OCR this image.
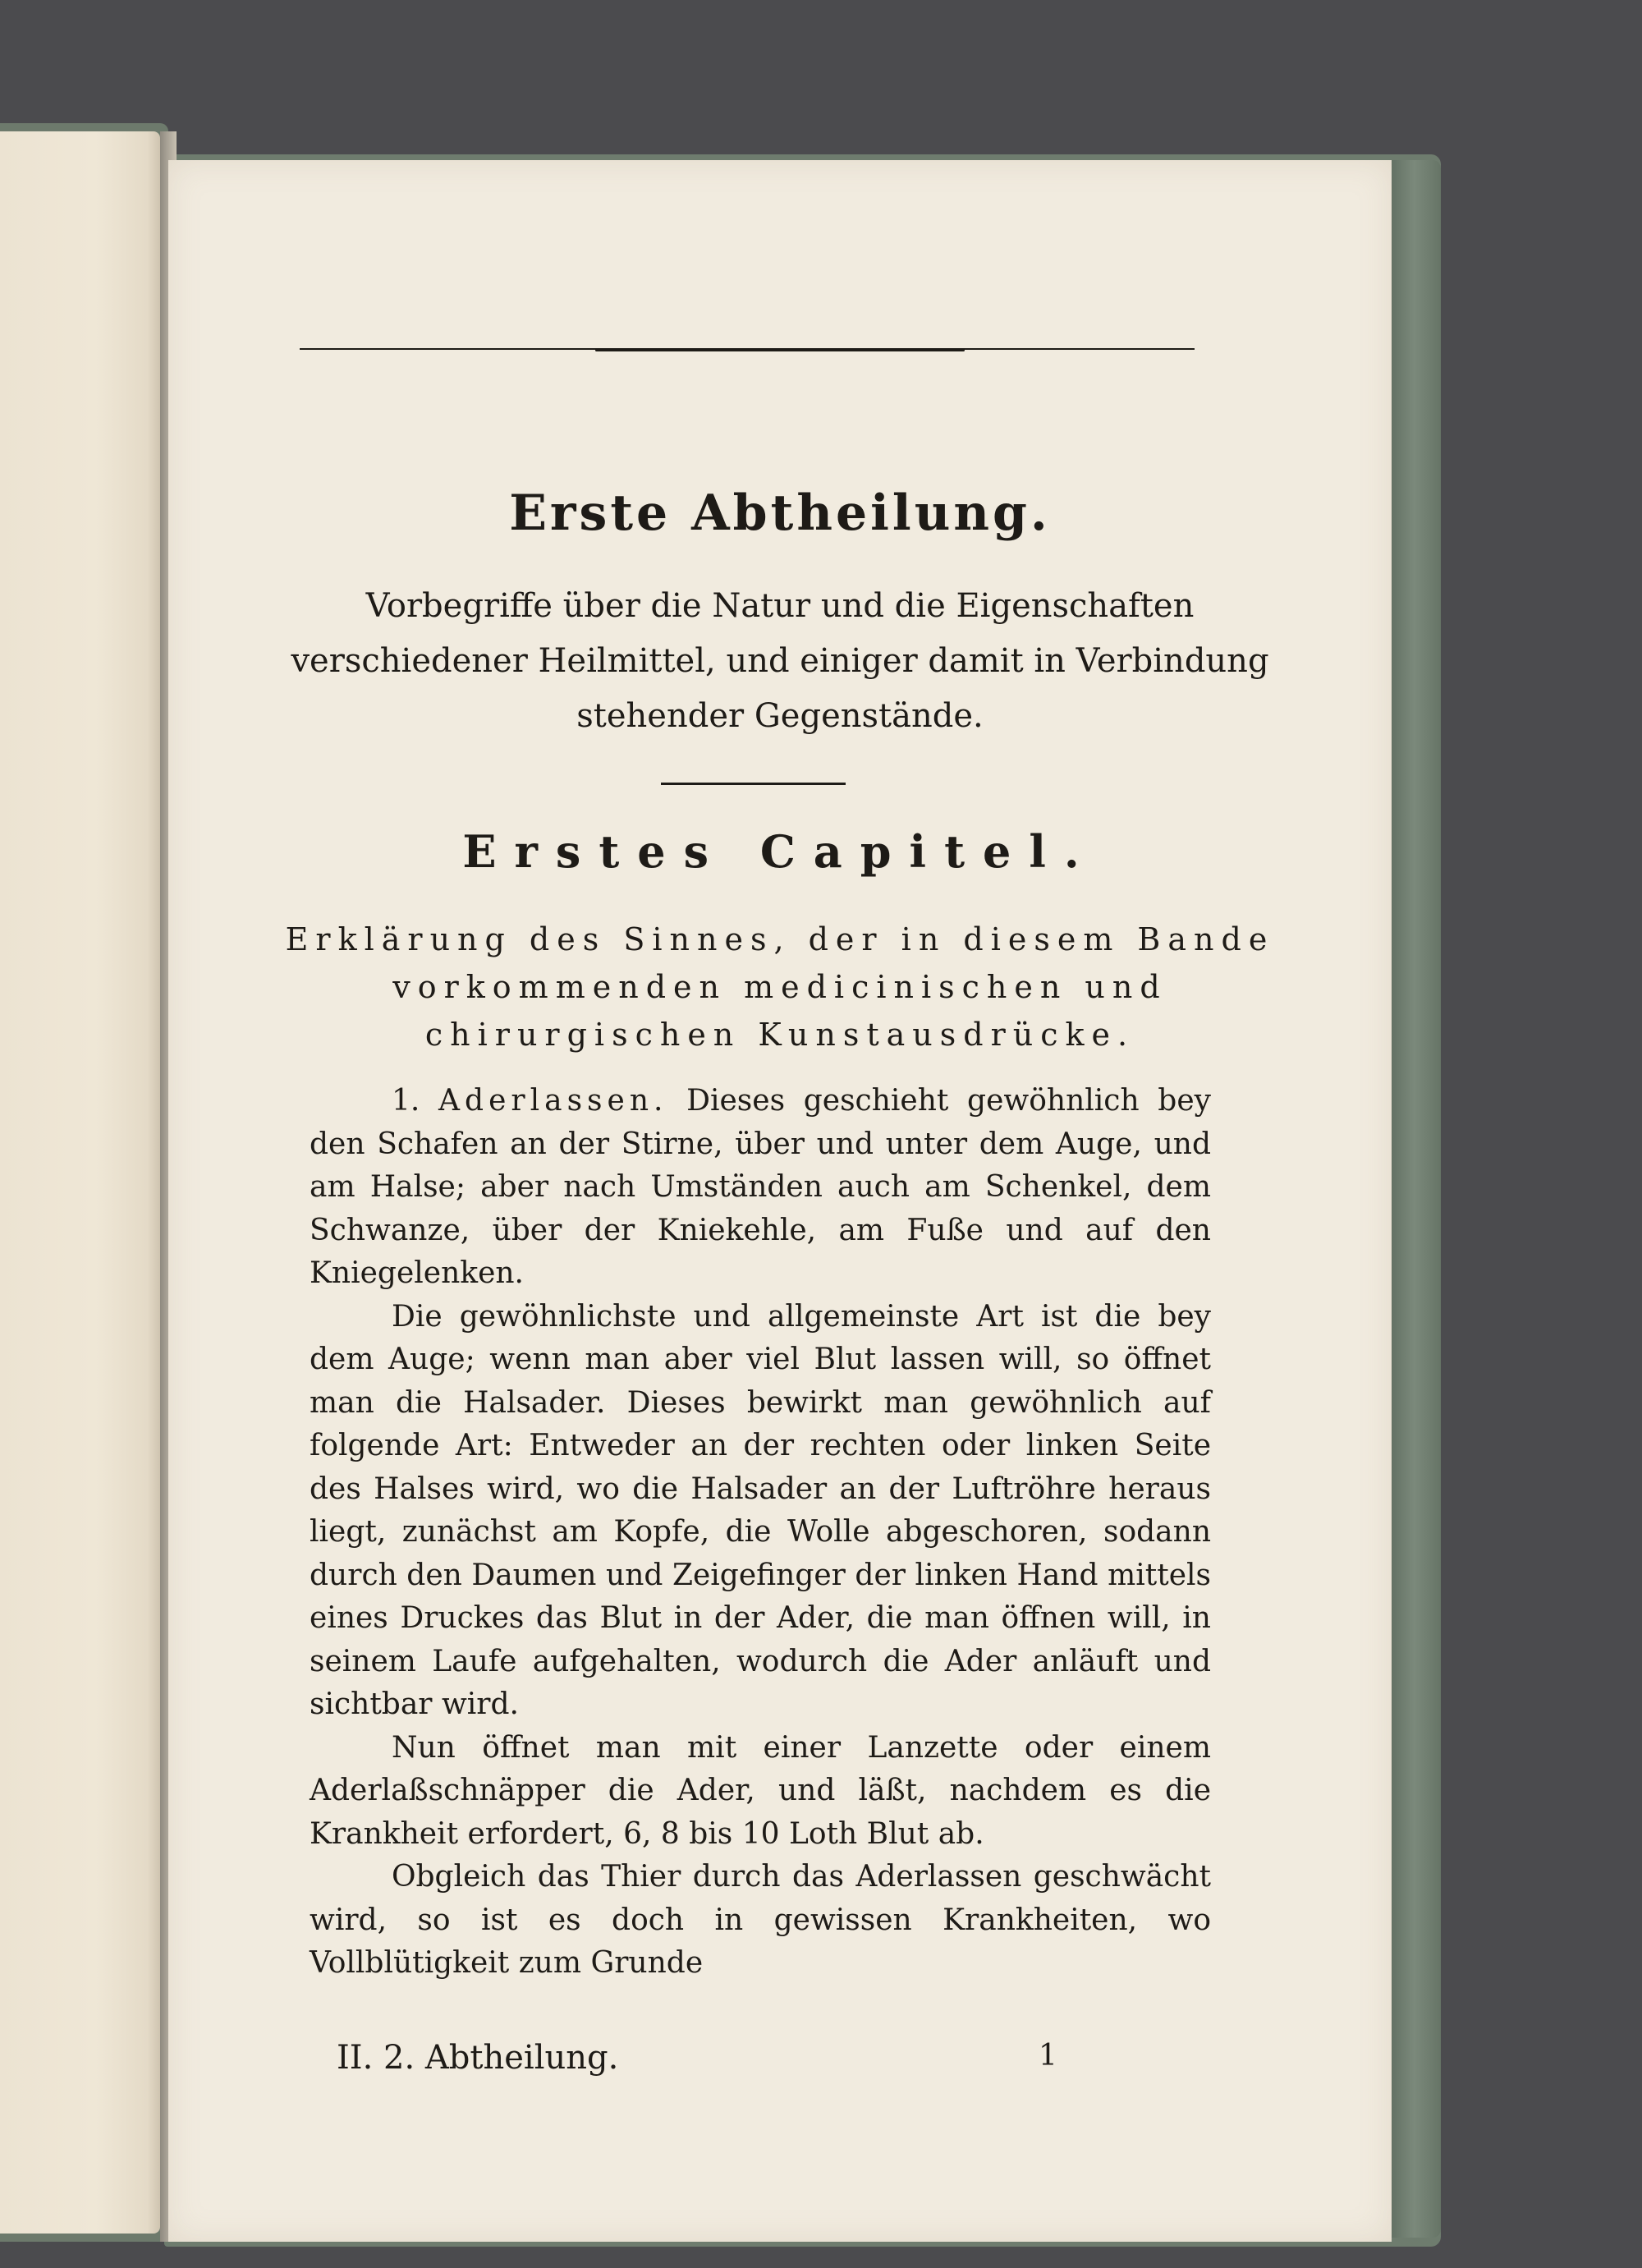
Erste Abtheilung.
Vorbegriffe über die Natur und die Eigenschaften verschiedener Heilmittel, und einiger damit in Verbindung stehender Gegenstände.
Erstes Capitel.
Erklärung des Sinnes, der in diesem Bande vorkommenden medicinischen und chirurgischen Kunstausdrücke.

1. Aderlassen. Dieses geschieht gewöhnlich bey den Schafen an der Stirne, über und unter dem Auge, und am Halse; aber nach Umständen auch am Schenkel, dem Schwanze, über der Kniekehle, am Fuße und auf den Kniegelenken.

Die gewöhnlichste und allgemeinste Art ist die bey dem Auge; wenn man aber viel Blut lassen will, so öffnet man die Halsader. Dieses bewirkt man gewöhnlich auf folgende Art: Entweder an der rechten oder linken Seite des Halses wird, wo die Halsader an der Luftröhre heraus liegt, zunächst am Kopfe, die Wolle abgeschoren, sodann durch den Daumen und Zeigefinger der linken Hand mittels eines Druckes das Blut in der Ader, die man öffnen will, in seinem Laufe aufgehalten, wodurch die Ader anläuft und sichtbar wird.

Nun öffnet man mit einer Lanzette oder einem Aderlaßschnäpper die Ader, und läßt, nachdem es die Krankheit erfordert, 6, 8 bis 10 Loth Blut ab.

Obgleich das Thier durch das Aderlassen geschwächt wird, so ist es doch in gewissen Krankheiten, wo Vollblütigkeit zum Grunde

II. 2. Abtheilung.	1
